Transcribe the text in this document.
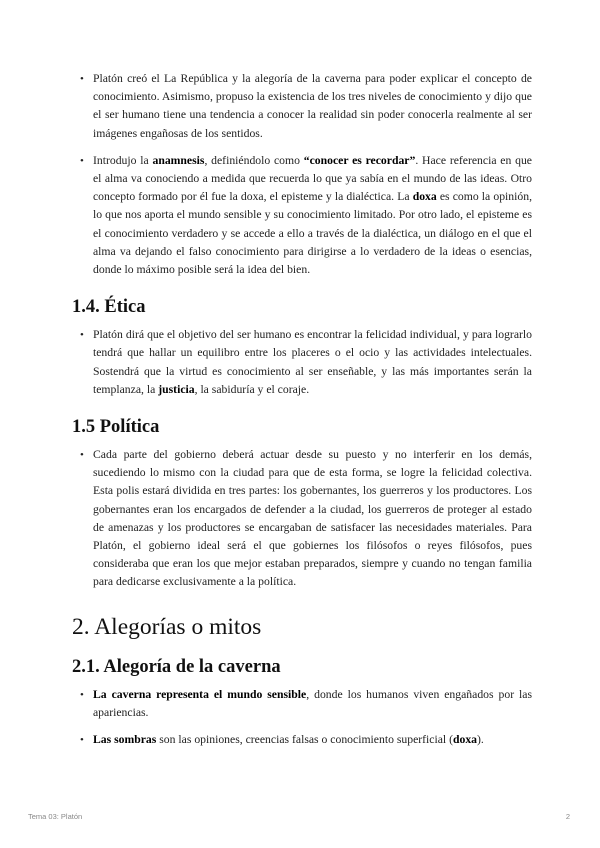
• Platón creó el La República y la alegoría de la caverna para poder explicar el concepto de conocimiento. Asimismo, propuso la existencia de los tres niveles de conocimiento y dijo que el ser humano tiene una tendencia a conocer la realidad sin poder conocerla realmente al ser imágenes engañosas de los sentidos.
• Introdujo la anamnesis, definiéndolo como “conocer es recordar”. Hace referencia en que el alma va conociendo a medida que recuerda lo que ya sabía en el mundo de las ideas. Otro concepto formado por él fue la doxa, el episteme y la dialéctica. La doxa es como la opinión, lo que nos aporta el mundo sensible y su conocimiento limitado. Por otro lado, el episteme es el conocimiento verdadero y se accede a ello a través de la dialéctica, un diálogo en el que el alma va dejando el falso conocimiento para dirigirse a lo verdadero de la ideas o esencias, donde lo máximo posible será la idea del bien.
1.4. Ética
• Platón dirá que el objetivo del ser humano es encontrar la felicidad individual, y para lograrlo tendrá que hallar un equilibro entre los placeres o el ocio y las actividades intelectuales. Sostendrá que la virtud es conocimiento al ser enseñable, y las más importantes serán la templanza, la justicia, la sabiduría y el coraje.
1.5 Política
• Cada parte del gobierno deberá actuar desde su puesto y no interferir en los demás, sucediendo lo mismo con la ciudad para que de esta forma, se logre la felicidad colectiva. Esta polis estará dividida en tres partes: los gobernantes, los guerreros y los productores. Los gobernantes eran los encargados de defender a la ciudad, los guerreros de proteger al estado de amenazas y los productores se encargaban de satisfacer las necesidades materiales. Para Platón, el gobierno ideal será el que gobiernes los filósofos o reyes filósofos, pues consideraba que eran los que mejor estaban preparados, siempre y cuando no tengan familia para dedicarse exclusivamente a la política.
2. Alegorías o mitos
2.1. Alegoría de la caverna
• La caverna representa el mundo sensible, donde los humanos viven engañados por las apariencias.
• Las sombras son las opiniones, creencias falsas o conocimiento superficial (doxa).
Tema 03: Platón	2
